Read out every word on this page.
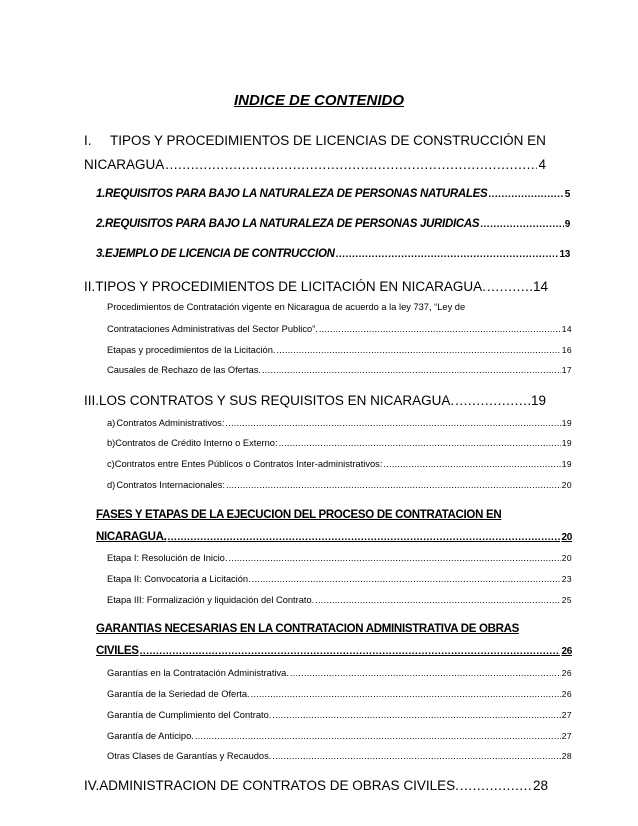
INDICE DE CONTENIDO
I.	TIPOS Y PROCEDIMIENTOS DE LICENCIAS DE CONSTRUCCIÓN EN
NICARAGUA .....	4
1. REQUISITOS PARA BAJO LA NATURALEZA DE PERSONAS NATURALES .....	5
2. REQUISITOS PARA BAJO LA NATURALEZA DE PERSONAS JURIDICAS .....	9
3. EJEMPLO DE LICENCIA DE CONTRUCCION .....	13
II. TIPOS Y PROCEDIMIENTOS DE LICITACIÓN EN NICARAGUA. .....	14
Procedimientos de Contratación vigente en Nicaragua de acuerdo a la ley 737, “Ley de
Contrataciones Administrativas del Sector Publico”. .....	14
Etapas y procedimientos de la Licitación. .....	16
Causales de Rechazo de las Ofertas. .....	17
III. LOS CONTRATOS Y SUS REQUISITOS EN NICARAGUA. .....	19
a) Contratos Administrativos: .....	19
b) Contratos de Crédito Interno o Externo: .....	19
c) Contratos entre Entes Públicos o Contratos Inter-administrativos: .....	19
d) Contratos Internacionales: .....	20
FASES Y ETAPAS DE LA EJECUCIÓN DEL PROCESO DE CONTRATACIÓN EN
NICARAGUA. .....	20
Etapa I: Resolución de Inicio. .....	20
Etapa II: Convocatoria a Licitación. .....	23
Etapa III: Formalización y liquidación del Contrato. .....	25
GARANTÍAS NECESARIAS EN LA CONTRATACIÓN ADMINISTRATIVA DE OBRAS
CIVILES .....	26
Garantías en la Contratación Administrativa. .....	26
Garantía de la Seriedad de Oferta. .....	26
Garantía de Cumplimiento del Contrato. .....	27
Garantía de Anticipo. .....	27
Otras Clases de Garantías y Recaudos. .....	28
IV. ADMINISTRACION DE CONTRATOS DE OBRAS CIVILES. .....	28
